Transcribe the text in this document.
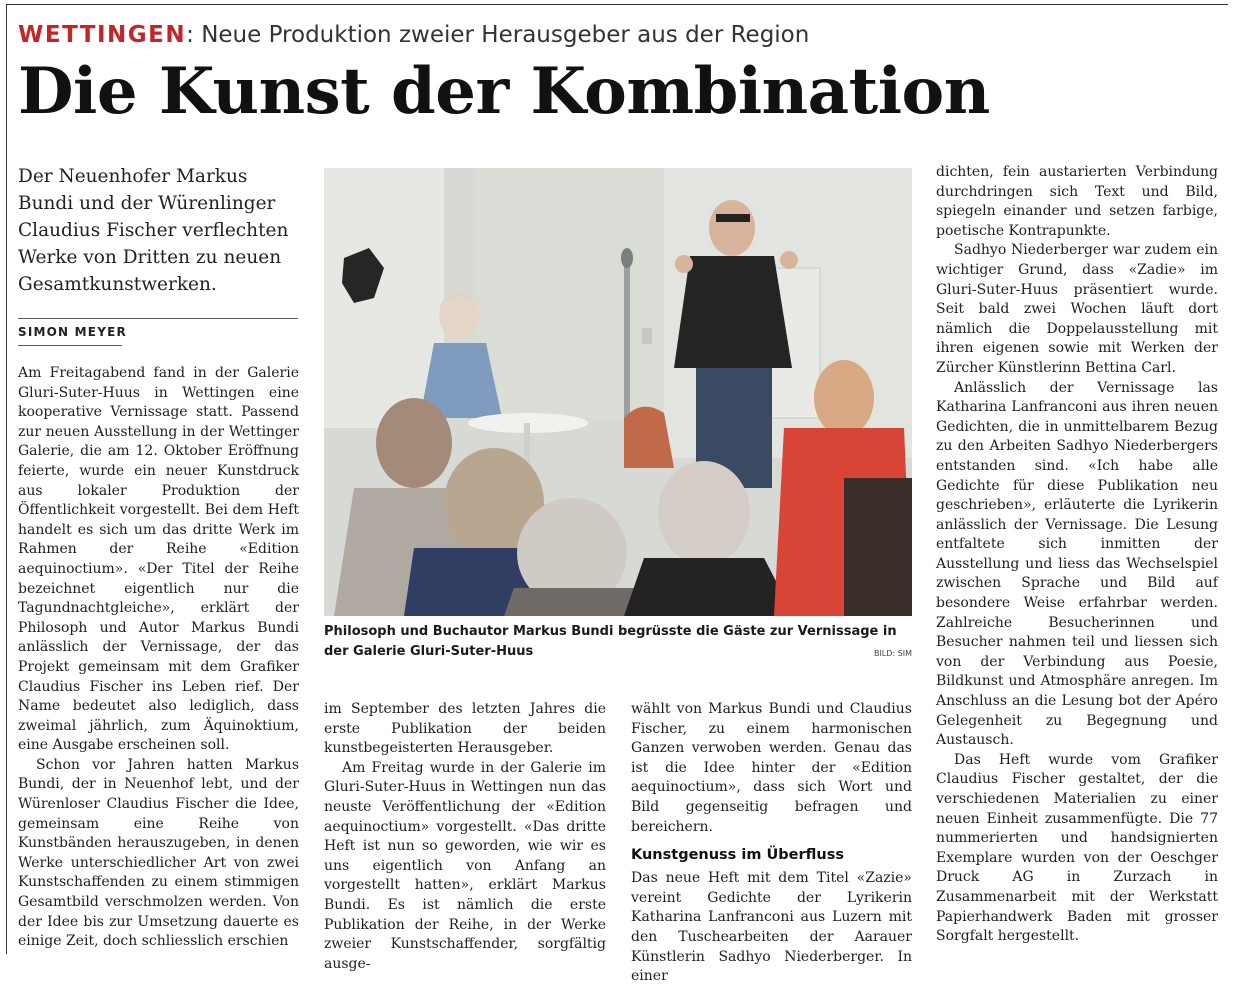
WETTINGEN: Neue Produktion zweier Herausgeber aus der Region
Die Kunst der Kombination
Der Neuenhofer Markus Bundi und der Würenlinger Claudius Fischer verflechten Werke von Dritten zu neuen Gesamtkunstwerken.
SIMON MEYER

Am Freitagabend fand in der Galerie Gluri-Suter-Huus in Wettingen eine kooperative Vernissage statt. Passend zur neuen Ausstellung in der Wettinger Galerie, die am 12. Oktober Eröffnung feierte, wurde ein neuer Kunstdruck aus lokaler Produktion der Öffentlichkeit vorgestellt. Bei dem Heft handelt es sich um das dritte Werk im Rahmen der Reihe «Edition aequinoctium». «Der Titel der Reihe bezeichnet eigentlich nur die Tagundnachtgleiche», erklärt der Philosoph und Autor Markus Bundi anlässlich der Vernissage, der das Projekt gemeinsam mit dem Grafiker Claudius Fischer ins Leben rief. Der Name bedeutet also lediglich, dass zweimal jährlich, zum Äquinoktium, eine Ausgabe erscheinen soll.

Schon vor Jahren hatten Markus Bundi, der in Neuenhof lebt, und der Würenloser Claudius Fischer die Idee, gemeinsam eine Reihe von Kunstbänden herauszugeben, in denen Werke unterschiedlicher Art von zwei Kunstschaffenden zu einem stimmigen Gesamtbild verschmolzen werden. Von der Idee bis zur Umsetzung dauerte es einige Zeit, doch schliesslich erschien

Philosoph und Buchautor Markus Bundi begrüsste die Gäste zur Vernissage in der Galerie Gluri-Suter-Huus	BILD: SIM

im September des letzten Jahres die erste Publikation der beiden kunstbegeisterten Herausgeber.

Am Freitag wurde in der Galerie im Gluri-Suter-Huus in Wettingen nun das neuste Veröffentlichung der «Edition aequinoctium» vorgestellt. «Das dritte Heft ist nun so geworden, wie wir es uns eigentlich von Anfang an vorgestellt hatten», erklärt Markus Bundi. Es ist nämlich die erste Publikation der Reihe, in der Werke zweier Kunstschaffender, sorgfältig ausge-

wählt von Markus Bundi und Claudius Fischer, zu einem harmonischen Ganzen verwoben werden. Genau das ist die Idee hinter der «Edition aequinoctium», dass sich Wort und Bild gegenseitig befragen und bereichern.

Kunstgenuss im Überfluss

Das neue Heft mit dem Titel «Zazie» vereint Gedichte der Lyrikerin Katharina Lanfranconi aus Luzern mit den Tuschearbeiten der Aarauer Künstlerin Sadhyo Niederberger. In einer

dichten, fein austarierten Verbindung durchdringen sich Text und Bild, spiegeln einander und setzen farbige, poetische Kontrapunkte.

Sadhyo Niederberger war zudem ein wichtiger Grund, dass «Zadie» im Gluri-Suter-Huus präsentiert wurde. Seit bald zwei Wochen läuft dort nämlich die Doppelausstellung mit ihren eigenen sowie mit Werken der Zürcher Künstlerinn Bettina Carl.

Anlässlich der Vernissage las Katharina Lanfranconi aus ihren neuen Gedichten, die in unmittelbarem Bezug zu den Arbeiten Sadhyo Niederbergers entstanden sind. «Ich habe alle Gedichte für diese Publikation neu geschrieben», erläuterte die Lyrikerin anlässlich der Vernissage. Die Lesung entfaltete sich inmitten der Ausstellung und liess das Wechselspiel zwischen Sprache und Bild auf besondere Weise erfahrbar werden. Zahlreiche Besucherinnen und Besucher nahmen teil und liessen sich von der Verbindung aus Poesie, Bildkunst und Atmosphäre anregen. Im Anschluss an die Lesung bot der Apéro Gelegenheit zu Begegnung und Austausch.

Das Heft wurde vom Grafiker Claudius Fischer gestaltet, der die verschiedenen Materialien zu einer neuen Einheit zusammenfügte. Die 77 nummerierten und handsignierten Exemplare wurden von der Oeschger Druck AG in Zurzach in Zusammenarbeit mit der Werkstatt Papierhandwerk Baden mit grosser Sorgfalt hergestellt.
